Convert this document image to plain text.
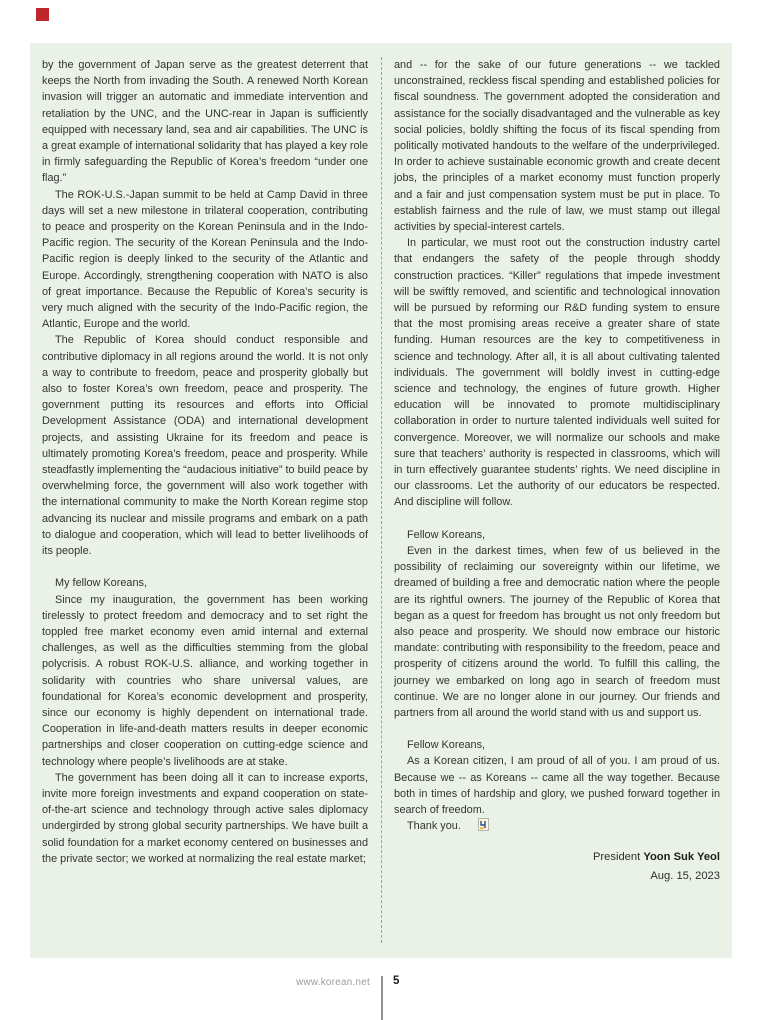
by the government of Japan serve as the greatest deterrent that keeps the North from invading the South. A renewed North Korean invasion will trigger an automatic and immediate intervention and retaliation by the UNC, and the UNC-rear in Japan is sufficiently equipped with necessary land, sea and air capabilities. The UNC is a great example of international solidarity that has played a key role in firmly safeguarding the Republic of Korea’s freedom “under one flag.”

The ROK-U.S.-Japan summit to be held at Camp David in three days will set a new milestone in trilateral cooperation, contributing to peace and prosperity on the Korean Peninsula and in the Indo-Pacific region. The security of the Korean Peninsula and the Indo-Pacific region is deeply linked to the security of the Atlantic and Europe. Accordingly, strengthening cooperation with NATO is also of great importance. Because the Republic of Korea’s security is very much aligned with the security of the Indo-Pacific region, the Atlantic, Europe and the world.

The Republic of Korea should conduct responsible and contributive diplomacy in all regions around the world. It is not only a way to contribute to freedom, peace and prosperity globally but also to foster Korea’s own freedom, peace and prosperity. The government putting its resources and efforts into Official Development Assistance (ODA) and international development projects, and assisting Ukraine for its freedom and peace is ultimately promoting Korea’s freedom, peace and prosperity. While steadfastly implementing the “audacious initiative” to build peace by overwhelming force, the government will also work together with the international community to make the North Korean regime stop advancing its nuclear and missile programs and embark on a path to dialogue and cooperation, which will lead to better livelihoods of its people.

My fellow Koreans,

Since my inauguration, the government has been working tirelessly to protect freedom and democracy and to set right the toppled free market economy even amid internal and external challenges, as well as the difficulties stemming from the global polycrisis. A robust ROK-U.S. alliance, and working together in solidarity with countries who share universal values, are foundational for Korea’s economic development and prosperity, since our economy is highly dependent on international trade. Cooperation in life-and-death matters results in deeper economic partnerships and closer cooperation on cutting-edge science and technology where people’s livelihoods are at stake.

The government has been doing all it can to increase exports, invite more foreign investments and expand cooperation on state-of-the-art science and technology through active sales diplomacy undergirded by strong global security partnerships. We have built a solid foundation for a market economy centered on businesses and the private sector; we worked at normalizing the real estate market;

and -- for the sake of our future generations -- we tackled unconstrained, reckless fiscal spending and established policies for fiscal soundness. The government adopted the consideration and assistance for the socially disadvantaged and the vulnerable as key social policies, boldly shifting the focus of its fiscal spending from politically motivated handouts to the welfare of the underprivileged. In order to achieve sustainable economic growth and create decent jobs, the principles of a market economy must function properly and a fair and just compensation system must be put in place. To establish fairness and the rule of law, we must stamp out illegal activities by special-interest cartels.

In particular, we must root out the construction industry cartel that endangers the safety of the people through shoddy construction practices. “Killer” regulations that impede investment will be swiftly removed, and scientific and technological innovation will be pursued by reforming our R&D funding system to ensure that the most promising areas receive a greater share of state funding. Human resources are the key to competitiveness in science and technology. After all, it is all about cultivating talented individuals. The government will boldly invest in cutting-edge science and technology, the engines of future growth. Higher education will be innovated to promote multidisciplinary collaboration in order to nurture talented individuals well suited for convergence. Moreover, we will normalize our schools and make sure that teachers’ authority is respected in classrooms, which will in turn effectively guarantee students’ rights. We need discipline in our classrooms. Let the authority of our educators be respected. And discipline will follow.

Fellow Koreans,

Even in the darkest times, when few of us believed in the possibility of reclaiming our sovereignty within our lifetime, we dreamed of building a free and democratic nation where the people are its rightful owners. The journey of the Republic of Korea that began as a quest for freedom has brought us not only freedom but also peace and prosperity. We should now embrace our historic mandate: contributing with responsibility to the freedom, peace and prosperity of citizens around the world. To fulfill this calling, the journey we embarked on long ago in search of freedom must continue. We are no longer alone in our journey. Our friends and partners from all around the world stand with us and support us.

Fellow Koreans,

As a Korean citizen, I am proud of all of you. I am proud of us. Because we -- as Koreans -- came all the way together. Because both in times of hardship and glory, we pushed forward together in search of freedom.

Thank you.

President Yoon Suk Yeol
Aug. 15, 2023
www.korean.net 5
